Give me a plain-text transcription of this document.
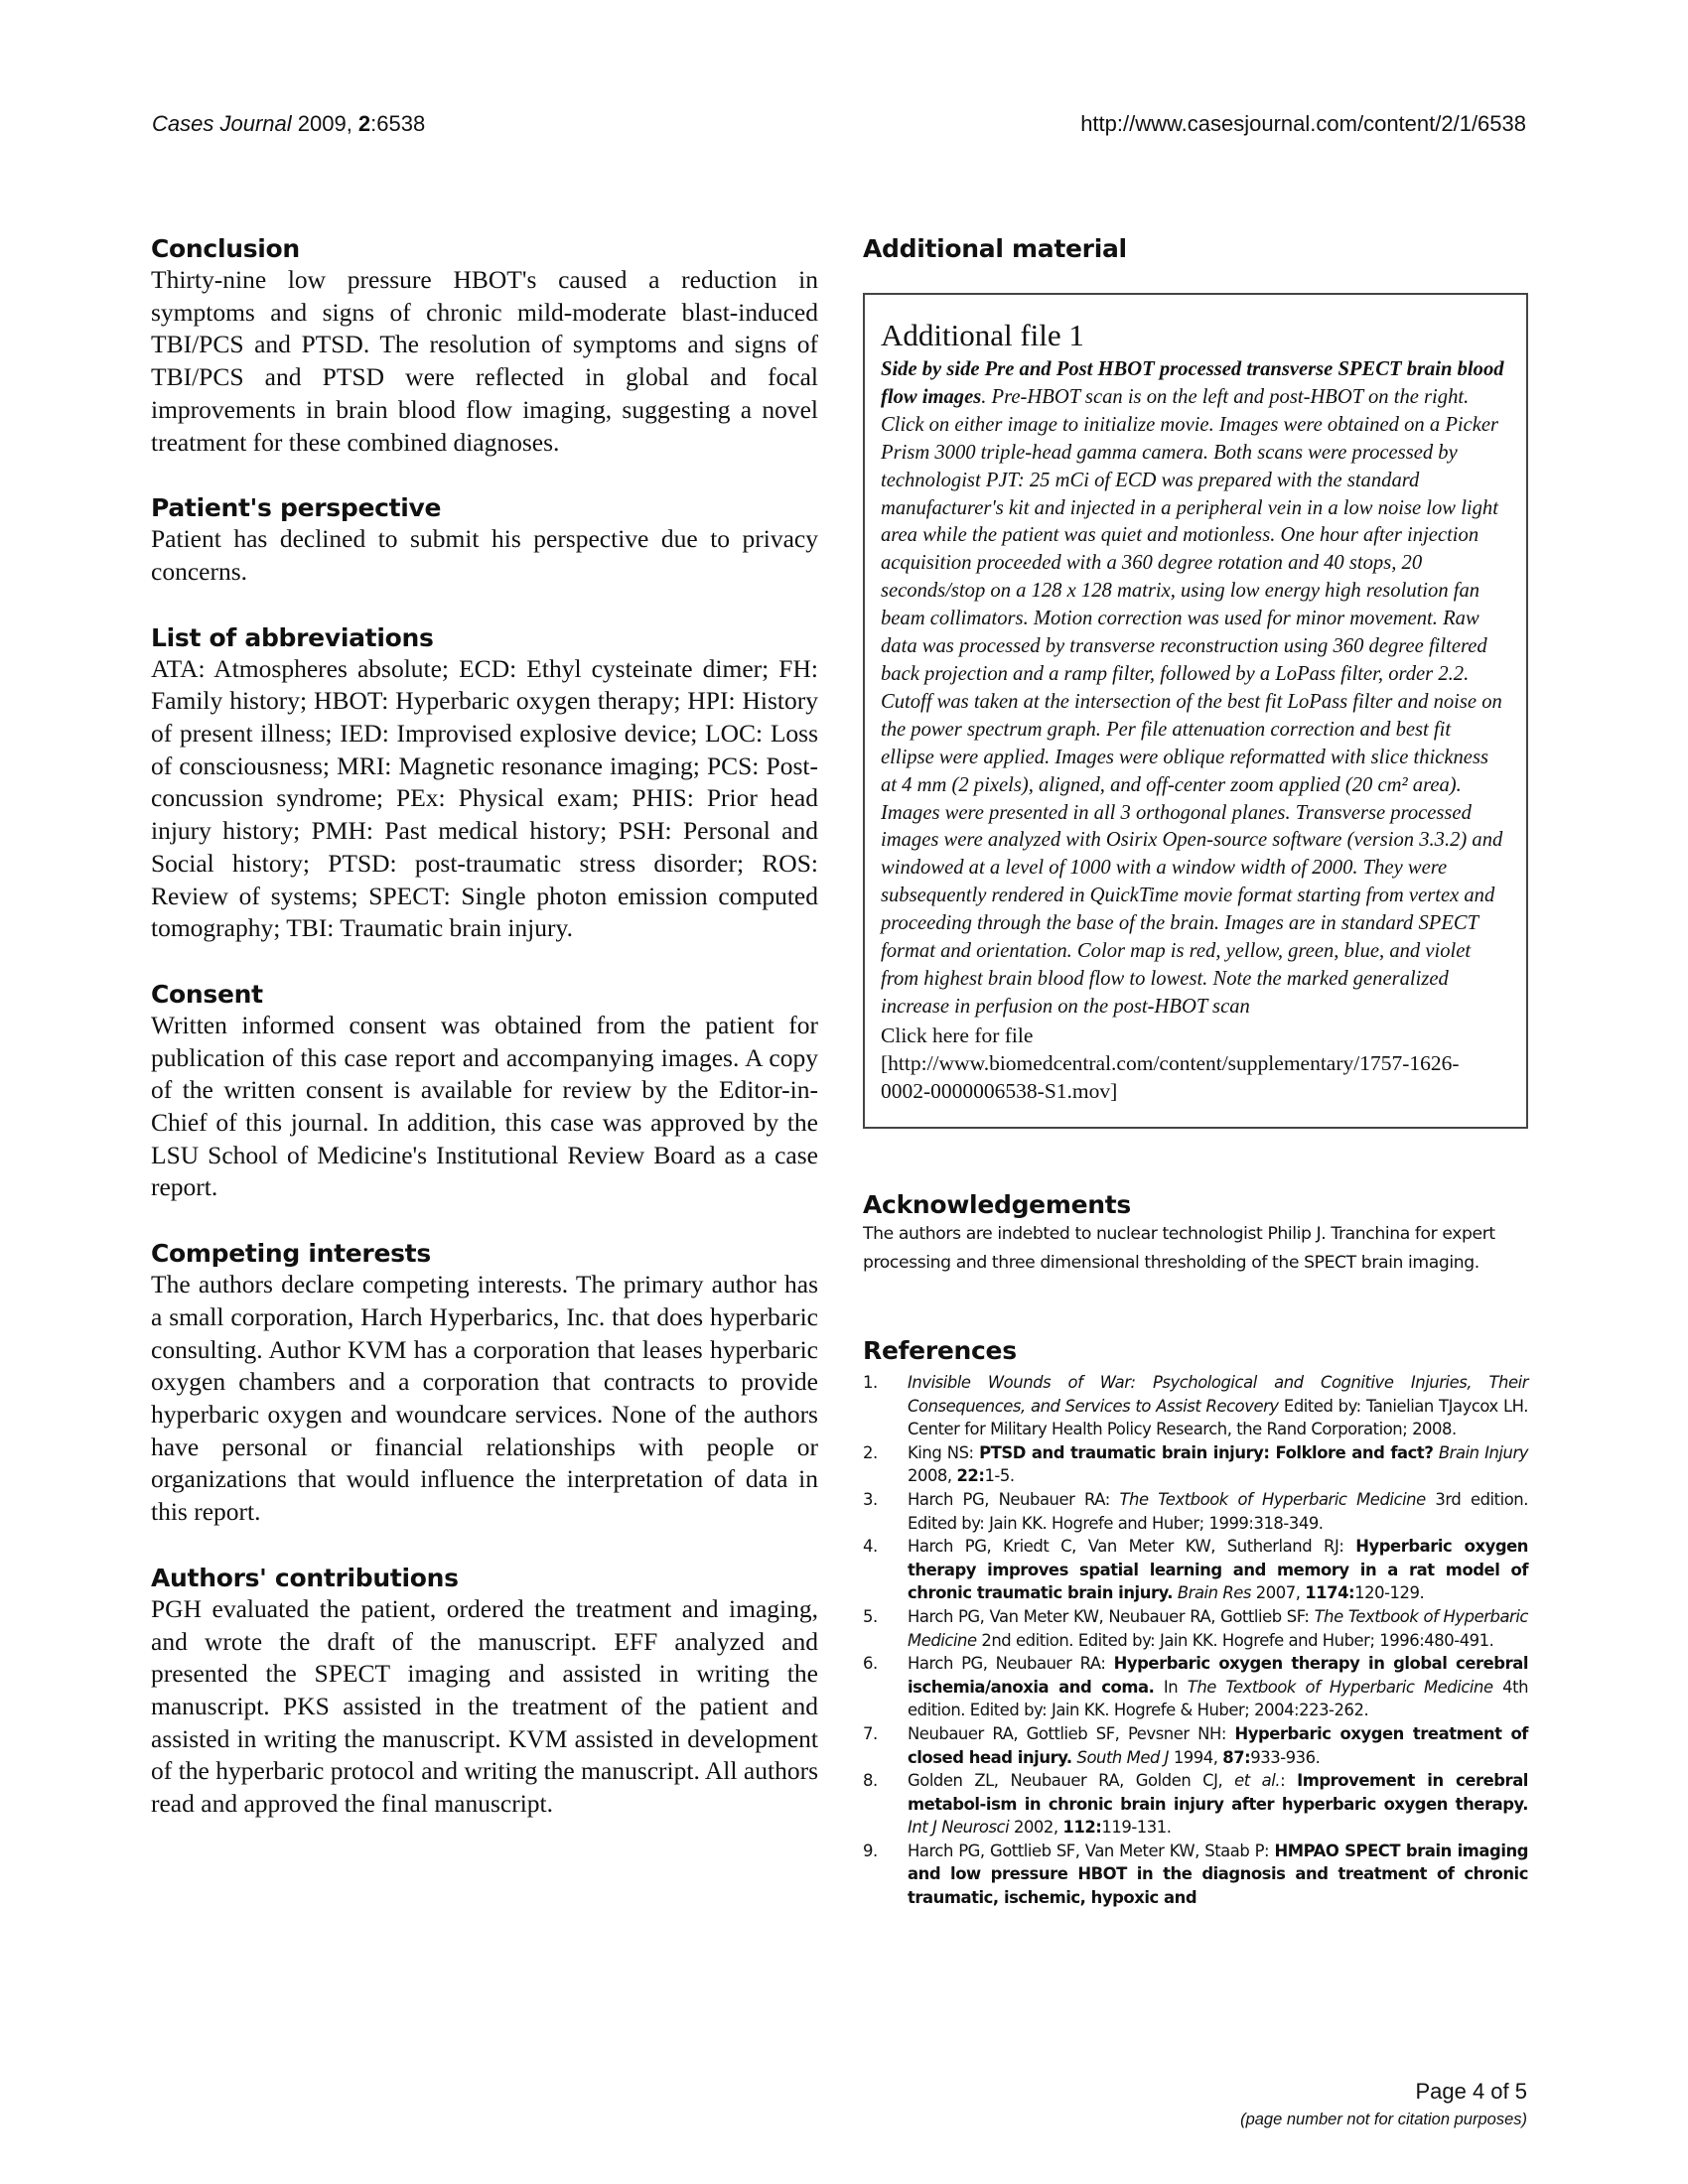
Cases Journal 2009, 2:6538	http://www.casesjournal.com/content/2/1/6538
Conclusion

Thirty-nine low pressure HBOT's caused a reduction in symptoms and signs of chronic mild-moderate blast-induced TBI/PCS and PTSD. The resolution of symptoms and signs of TBI/PCS and PTSD were reflected in global and focal improvements in brain blood flow imaging, suggesting a novel treatment for these combined diagnoses.

Patient's perspective

Patient has declined to submit his perspective due to privacy concerns.

List of abbreviations

ATA: Atmospheres absolute; ECD: Ethyl cysteinate dimer; FH: Family history; HBOT: Hyperbaric oxygen therapy; HPI: History of present illness; IED: Improvised explosive device; LOC: Loss of consciousness; MRI: Magnetic resonance imaging; PCS: Post-concussion syndrome; PEx: Physical exam; PHIS: Prior head injury history; PMH: Past medical history; PSH: Personal and Social history; PTSD: post-traumatic stress disorder; ROS: Review of systems; SPECT: Single photon emission computed tomography; TBI: Traumatic brain injury.

Consent

Written informed consent was obtained from the patient for publication of this case report and accompanying images. A copy of the written consent is available for review by the Editor-in-Chief of this journal. In addition, this case was approved by the LSU School of Medicine's Institutional Review Board as a case report.

Competing interests

The authors declare competing interests. The primary author has a small corporation, Harch Hyperbarics, Inc. that does hyperbaric consulting. Author KVM has a corporation that leases hyperbaric oxygen chambers and a corporation that contracts to provide hyperbaric oxygen and woundcare services. None of the authors have personal or financial relationships with people or organizations that would influence the interpretation of data in this report.

Authors' contributions

PGH evaluated the patient, ordered the treatment and imaging, and wrote the draft of the manuscript. EFF analyzed and presented the SPECT imaging and assisted in writing the manuscript. PKS assisted in the treatment of the patient and assisted in writing the manuscript. KVM assisted in development of the hyperbaric protocol and writing the manuscript. All authors read and approved the final manuscript.

Additional material
Additional file 1

Side by side Pre and Post HBOT processed transverse SPECT brain blood flow images. Pre-HBOT scan is on the left and post-HBOT on the right. Click on either image to initialize movie. Images were obtained on a Picker Prism 3000 triple-head gamma camera. Both scans were processed by technologist PJT: 25 mCi of ECD was prepared with the standard manufacturer's kit and injected in a peripheral vein in a low noise low light area while the patient was quiet and motionless. One hour after injection acquisition proceeded with a 360 degree rotation and 40 stops, 20 seconds/stop on a 128 x 128 matrix, using low energy high resolution fan beam collimators. Motion correction was used for minor movement. Raw data was processed by transverse reconstruction using 360 degree filtered back projection and a ramp filter, followed by a LoPass filter, order 2.2. Cutoff was taken at the intersection of the best fit LoPass filter and noise on the power spectrum graph. Per file attenuation correction and best fit ellipse were applied. Images were oblique reformatted with slice thickness at 4 mm (2 pixels), aligned, and off-center zoom applied (20 cm² area). Images were presented in all 3 orthogonal planes. Transverse processed images were analyzed with Osirix Open-source software (version 3.3.2) and windowed at a level of 1000 with a window width of 2000. They were subsequently rendered in QuickTime movie format starting from vertex and proceeding through the base of the brain. Images are in standard SPECT format and orientation. Color map is red, yellow, green, blue, and violet from highest brain blood flow to lowest. Note the marked generalized increase in perfusion on the post-HBOT scan

Click here for file

[http://www.biomedcentral.com/content/supplementary/1757-1626-0002-0000006538-S1.mov]

Acknowledgements

The authors are indebted to nuclear technologist Philip J. Tranchina for expert processing and three dimensional thresholding of the SPECT brain imaging.

References
1.	Invisible Wounds of War: Psychological and Cognitive Injuries, Their Consequences, and Services to Assist Recovery Edited by: Tanielian TJaycox LH. Center for Military Health Policy Research, the Rand Corporation; 2008.
2.	King NS: PTSD and traumatic brain injury: Folklore and fact? Brain Injury 2008, 22:1-5.
3.	Harch PG, Neubauer RA: The Textbook of Hyperbaric Medicine 3rd edition. Edited by: Jain KK. Hogrefe and Huber; 1999:318-349.
4.	Harch PG, Kriedt C, Van Meter KW, Sutherland RJ: Hyperbaric oxygen therapy improves spatial learning and memory in a rat model of chronic traumatic brain injury. Brain Res 2007, 1174:120-129.
5.	Harch PG, Van Meter KW, Neubauer RA, Gottlieb SF: The Textbook of Hyperbaric Medicine 2nd edition. Edited by: Jain KK. Hogrefe and Huber; 1996:480-491.
6.	Harch PG, Neubauer RA: Hyperbaric oxygen therapy in global cerebral ischemia/anoxia and coma. In The Textbook of Hyperbaric Medicine 4th edition. Edited by: Jain KK. Hogrefe & Huber; 2004:223-262.
7.	Neubauer RA, Gottlieb SF, Pevsner NH: Hyperbaric oxygen treatment of closed head injury. South Med J 1994, 87:933-936.
8.	Golden ZL, Neubauer RA, Golden CJ, et al.: Improvement in cerebral metabol-ism in chronic brain injury after hyperbaric oxygen therapy. Int J Neurosci 2002, 112:119-131.
9.	Harch PG, Gottlieb SF, Van Meter KW, Staab P: HMPAO SPECT brain imaging and low pressure HBOT in the diagnosis and treatment of chronic traumatic, ischemic, hypoxic and
Page 4 of 5
(page number not for citation purposes)
